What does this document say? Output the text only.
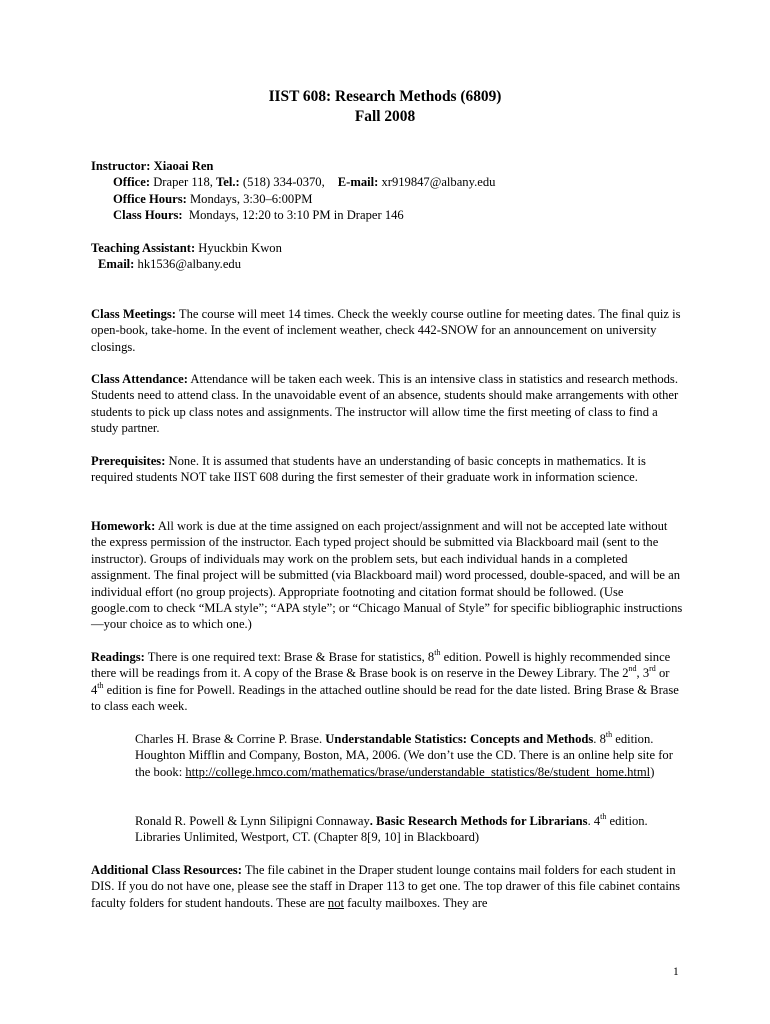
IIST 608: Research Methods (6809)
Fall 2008
Instructor: Xiaoai Ren
Office: Draper 118, Tel.: (518) 334-0370, E-mail: xr919847@albany.edu
Office Hours: Mondays, 3:30–6:00PM
Class Hours:  Mondays, 12:20 to 3:10 PM in Draper 146
Teaching Assistant: Hyuckbin Kwon
Email: hk1536@albany.edu
Class Meetings: The course will meet 14 times. Check the weekly course outline for meeting dates. The final quiz is open-book, take-home. In the event of inclement weather, check 442-SNOW for an announcement on university closings.
Class Attendance: Attendance will be taken each week. This is an intensive class in statistics and research methods. Students need to attend class. In the unavoidable event of an absence, students should make arrangements with other students to pick up class notes and assignments. The instructor will allow time the first meeting of class to find a study partner.
Prerequisites: None. It is assumed that students have an understanding of basic concepts in mathematics. It is required students NOT take IIST 608 during the first semester of their graduate work in information science.
Homework: All work is due at the time assigned on each project/assignment and will not be accepted late without the express permission of the instructor. Each typed project should be submitted via Blackboard mail (sent to the instructor). Groups of individuals may work on the problem sets, but each individual hands in a completed assignment. The final project will be submitted (via Blackboard mail) word processed, double-spaced, and will be an individual effort (no group projects). Appropriate footnoting and citation format should be followed. (Use google.com to check “MLA style”; “APA style”; or “Chicago Manual of Style” for specific bibliographic instructions—your choice as to which one.)
Readings: There is one required text: Brase & Brase for statistics, 8th edition. Powell is highly recommended since there will be readings from it. A copy of the Brase & Brase book is on reserve in the Dewey Library. The 2nd, 3rd or 4th edition is fine for Powell. Readings in the attached outline should be read for the date listed. Bring Brase & Brase to class each week.
Charles H. Brase & Corrine P. Brase. Understandable Statistics: Concepts and Methods. 8th edition. Houghton Mifflin and Company, Boston, MA, 2006. (We don’t use the CD. There is an online help site for the book: http://college.hmco.com/mathematics/brase/understandable_statistics/8e/student_home.html)
Ronald R. Powell & Lynn Silipigni Connaway. Basic Research Methods for Librarians. 4th edition. Libraries Unlimited, Westport, CT. (Chapter 8[9, 10] in Blackboard)
Additional Class Resources: The file cabinet in the Draper student lounge contains mail folders for each student in DIS. If you do not have one, please see the staff in Draper 113 to get one. The top drawer of this file cabinet contains faculty folders for student handouts. These are not faculty mailboxes. They are
1
